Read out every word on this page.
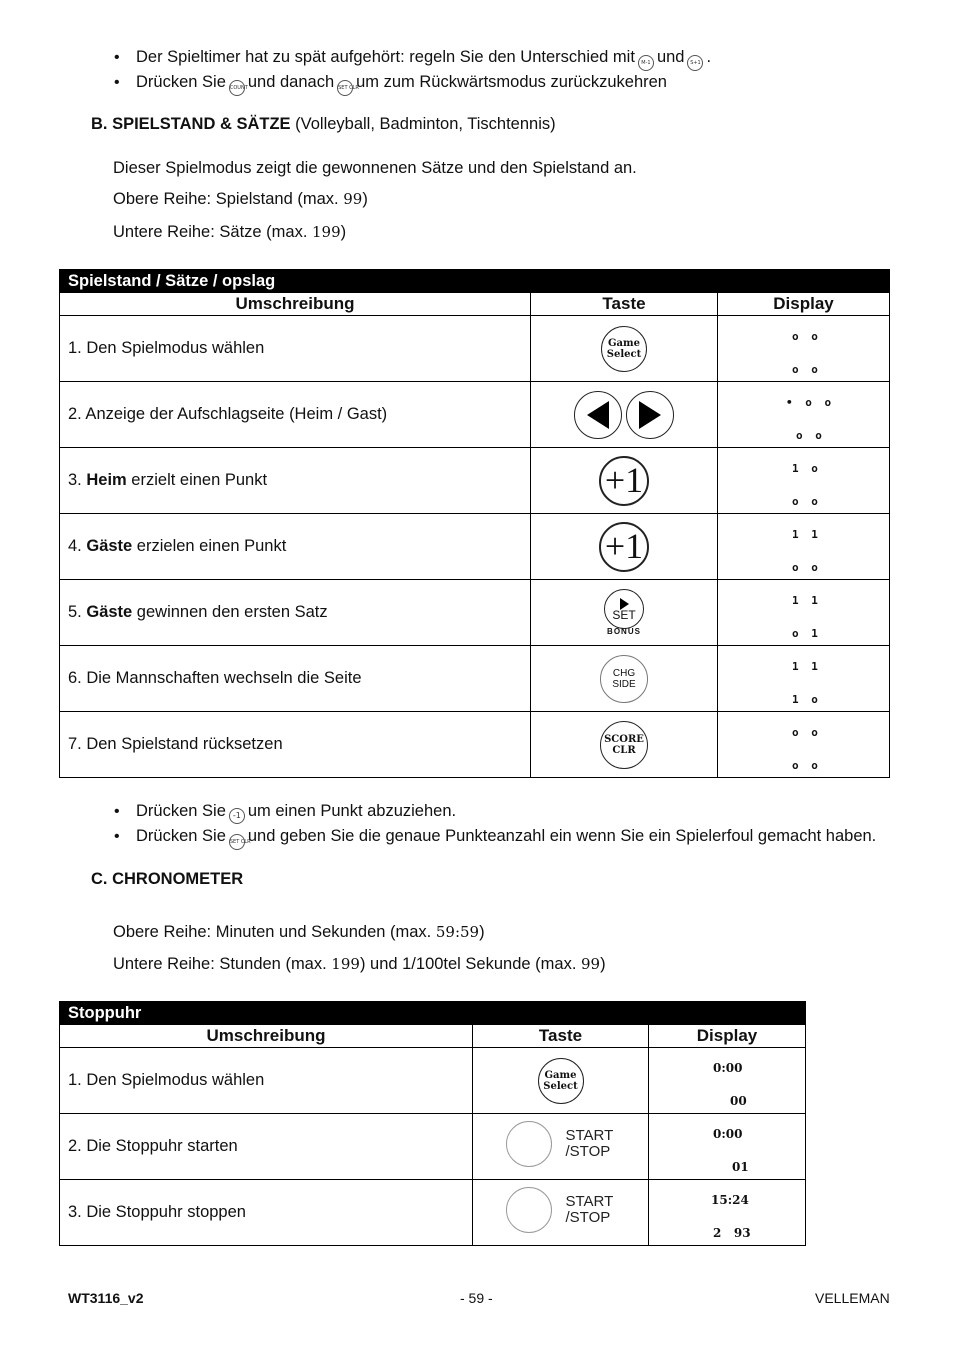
• Der Spieltimer hat zu spät aufgehört: regeln Sie den Unterschied mit M-1 und S+1 .
• Drücken Sie COUNTund danach SET CLRum zum Rückwärtsmodus zurückzukehren
B. SPIELSTAND & SÄTZE (Volleyball, Badminton, Tischtennis)
Dieser Spielmodus zeigt die gewonnenen Sätze und den Spielstand an.
Obere Reihe: Spielstand (max. 99)
Untere Reihe: Sätze (max. 199)
Spielstand / Sätze / opslag		
Umschreibung	Taste	Display
1. Den Spielmodus wählen	Game Select	o o
o o

2. Anzeige der Aufschlagseite (Heim / Gast)		• o o
o o

3. Heim erzielt einen Punkt	+1	1 o
o o

4. Gäste erzielen einen Punkt	+1	1 1
o o

5. Gäste gewinnen den ersten Satz	SET
BONUS	1 1
o 1

6. Die Mannschaften wechseln die Seite	CHG SIDE	1 1
1 o

7. Den Spielstand rücksetzen	SCORE CLR	o o
o o
• Drücken Sie -1 um einen Punkt abzuziehen.
• Drücken Sie SET CLRund geben Sie die genaue Punkteanzahl ein wenn Sie ein Spielerfoul gemacht haben.
C. CHRONOMETER
Obere Reihe: Minuten und Sekunden (max. 59:59)
Untere Reihe: Stunden (max. 199) und 1/100tel Sekunde (max. 99)
Stoppuhr		
Umschreibung	Taste	Display
1. Den Spielmodus wählen	Game Select	0:00
00

2. Die Stoppuhr starten	START /STOP	0:00
01

3. Die Stoppuhr stoppen	START /STOP	15:24
2   93
WT3116_v2	- 59 -	VELLEMAN
